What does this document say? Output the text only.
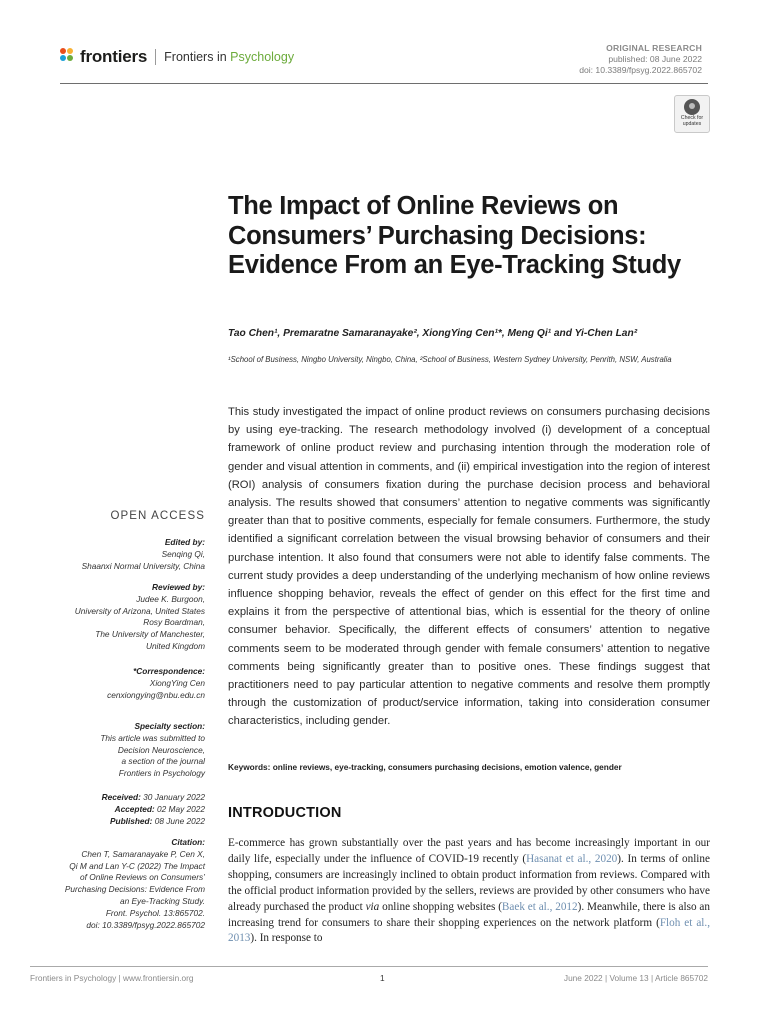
frontiers Frontiers in Psychology
ORIGINAL RESEARCH
published: 08 June 2022
doi: 10.3389/fpsyg.2022.865702
Check for
updates
The Impact of Online Reviews on Consumers’ Purchasing Decisions: Evidence From an Eye-Tracking Study
Tao Chen¹, Premaratne Samaranayake², XiongYing Cen¹*, Meng Qi¹ and Yi-Chen Lan²
¹School of Business, Ningbo University, Ningbo, China, ²School of Business, Western Sydney University, Penrith, NSW, Australia
This study investigated the impact of online product reviews on consumers purchasing decisions by using eye-tracking. The research methodology involved (i) development of a conceptual framework of online product review and purchasing intention through the moderation role of gender and visual attention in comments, and (ii) empirical investigation into the region of interest (ROI) analysis of consumers fixation during the purchase decision process and behavioral analysis. The results showed that consumers’ attention to negative comments was significantly greater than that to positive comments, especially for female consumers. Furthermore, the study identified a significant correlation between the visual browsing behavior of consumers and their purchase intention. It also found that consumers were not able to identify false comments. The current study provides a deep understanding of the underlying mechanism of how online reviews influence shopping behavior, reveals the effect of gender on this effect for the first time and explains it from the perspective of attentional bias, which is essential for the theory of online consumer behavior. Specifically, the different effects of consumers’ attention to negative comments seem to be moderated through gender with female consumers’ attention to negative comments being significantly greater than to positive ones. These findings suggest that practitioners need to pay particular attention to negative comments and resolve them promptly through the customization of product/service information, taking into consideration consumer characteristics, including gender.
Keywords: online reviews, eye-tracking, consumers purchasing decisions, emotion valence, gender
INTRODUCTION
E-commerce has grown substantially over the past years and has become increasingly important in our daily life, especially under the influence of COVID-19 recently (Hasanat et al., 2020). In terms of online shopping, consumers are increasingly inclined to obtain product information from reviews. Compared with the official product information provided by the sellers, reviews are provided by other consumers who have already purchased the product via online shopping websites (Baek et al., 2012). Meanwhile, there is also an increasing trend for consumers to share their shopping experiences on the network platform (Floh et al., 2013). In response to
OPEN ACCESS
Edited by:
Senqing Qi,
Shaanxi Normal University, China
Reviewed by:
Judee K. Burgoon,
University of Arizona, United States
Rosy Boardman,
The University of Manchester,
United Kingdom
*Correspondence:
XiongYing Cen
cenxiongying@nbu.edu.cn
Specialty section:
This article was submitted to
Decision Neuroscience,
a section of the journal
Frontiers in Psychology
Received: 30 January 2022
Accepted: 02 May 2022
Published: 08 June 2022
Citation:
Chen T, Samaranayake P, Cen X,
Qi M and Lan Y-C (2022) The Impact
of Online Reviews on Consumers’
Purchasing Decisions: Evidence From
an Eye-Tracking Study.
Front. Psychol. 13:865702.
doi: 10.3389/fpsyg.2022.865702
Frontiers in Psychology | www.frontiersin.org	1	June 2022 | Volume 13 | Article 865702
